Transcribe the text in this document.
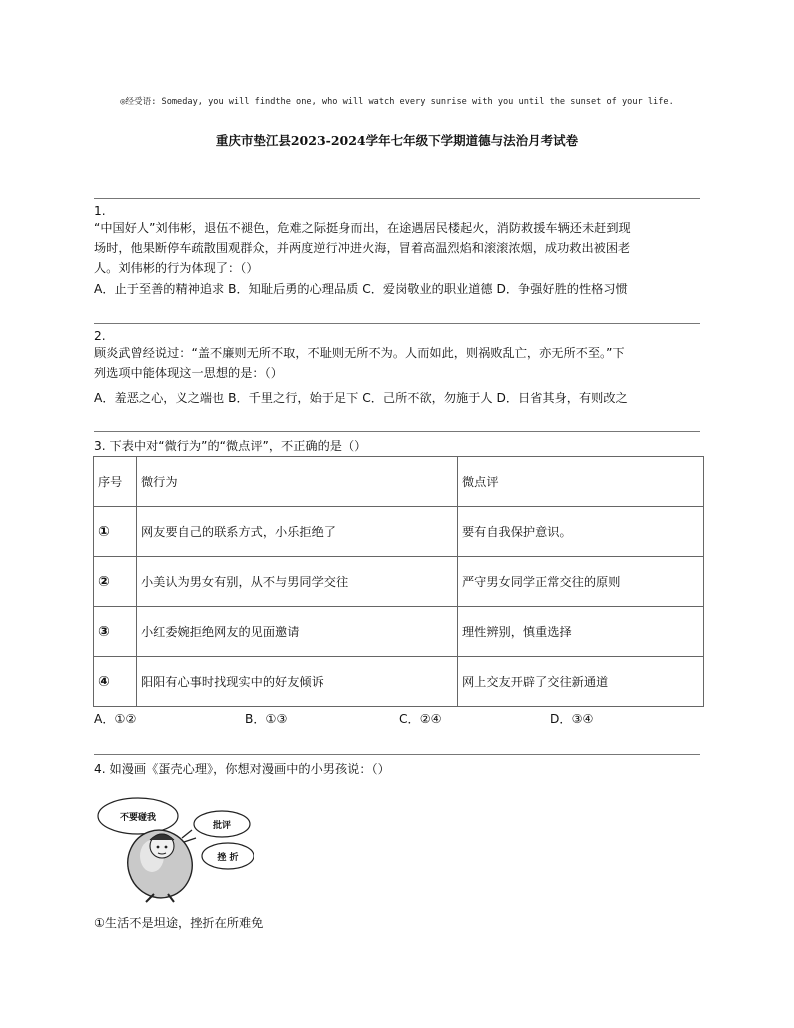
◎经受语: Someday, you will findthe one, who will watch every sunrise with you until the sunset of your life.
重庆市垫江县2023-2024学年七年级下学期道德与法治月考试卷
1.
“中国好人”刘伟彬，退伍不褪色，危难之际挺身而出，在途遇居民楼起火，消防救援车辆还未赶到现
场时，他果断停车疏散围观群众，并两度逆行冲进火海，冒着高温烈焰和滚滚浓烟，成功救出被困老
人。刘伟彬的行为体现了：（）
A．止于至善的精神追求 B．知耻后勇的心理品质 C．爱岗敬业的职业道德 D．争强好胜的性格习惯
2.
顾炎武曾经说过：“盖不廉则无所不取，不耻则无所不为。人而如此，则祸败乱亡，亦无所不至。”下
列选项中能体现这一思想的是：（）
A．羞恶之心，义之端也 B．千里之行，始于足下 C．己所不欲，勿施于人 D．日省其身，有则改之
3. 下表中对“微行为”的“微点评”，不正确的是（）
序号	微行为	微点评
①	网友要自己的联系方式，小乐拒绝了	要有自我保护意识。
②	小美认为男女有别，从不与男同学交往	严守男女同学正常交往的原则
③	小红委婉拒绝网友的见面邀请	理性辨别，慎重选择
④	阳阳有心事时找现实中的好友倾诉	网上交友开辟了交往新通道
A．①②	B．①③	C．②④	D．③④
4. 如漫画《蛋壳心理》，你想对漫画中的小男孩说：（）
不要碰我
批评
挫 折
①生活不是坦途，挫折在所难免
